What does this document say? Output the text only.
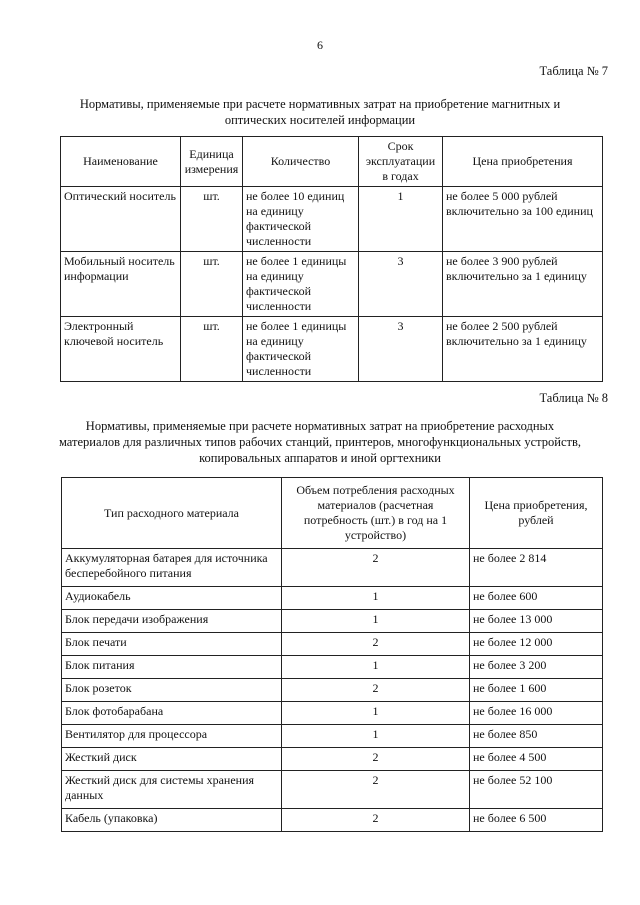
6
Таблица № 7
Нормативы, применяемые при расчете нормативных затрат на приобретение магнитных и
оптических носителей информации
Наименование	Единица измерения	Количество	Срок эксплуатации в годах	Цена приобретения
Оптический носитель	шт.	не более 10 единиц на единицу фактической численности	1	не более 5 000 рублей включительно за 100 единиц
Мобильный носитель информации	шт.	не более 1 единицы на единицу фактической численности	3	не более 3 900 рублей включительно за 1 единицу
Электронный ключевой носитель	шт.	не более 1 единицы на единицу фактической численности	3	не более 2 500 рублей включительно за 1 единицу
Таблица № 8
Нормативы, применяемые при расчете нормативных затрат на приобретение расходных
материалов для различных типов рабочих станций, принтеров, многофункциональных устройств,
копировальных аппаратов и иной оргтехники
Тип расходного материала	Объем потребления расходных материалов (расчетная потребность (шт.) в год на 1 устройство)	Цена приобретения, рублей
Аккумуляторная батарея для источника бесперебойного питания	2	не более 2 814
Аудиокабель	1	не более 600
Блок передачи изображения	1	не более 13 000
Блок печати	2	не более 12 000
Блок питания	1	не более 3 200
Блок розеток	2	не более 1 600
Блок фотобарабана	1	не более 16 000
Вентилятор для процессора	1	не более 850
Жесткий диск	2	не более 4 500
Жесткий диск для системы хранения данных	2	не более 52 100
Кабель (упаковка)	2	не более 6 500
